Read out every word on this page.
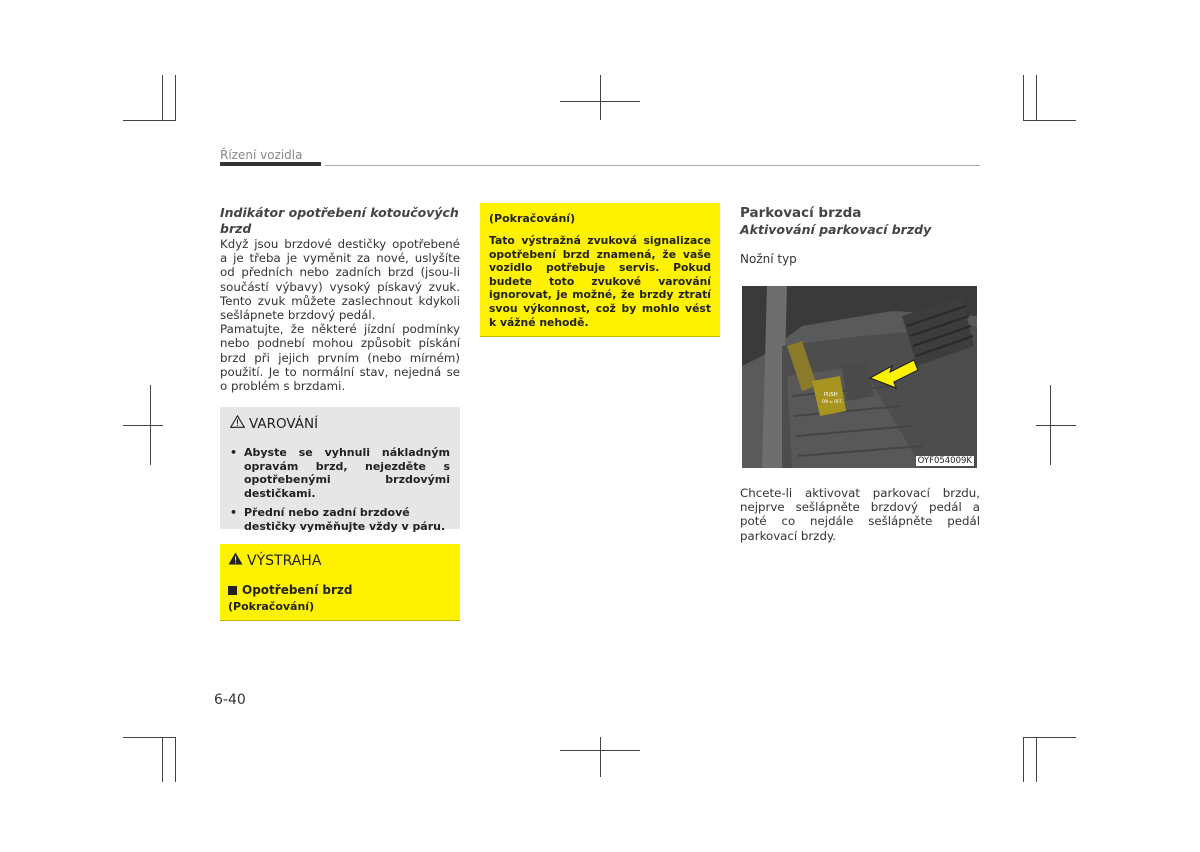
Řízení vozidla
Indikátor opotřebení kotoučových brzd

Když jsou brzdové destičky opotřebené a je třeba je vyměnit za nové, uslyšíte od předních nebo zadních brzd (jsou-li součástí výbavy) vysoký pískavý zvuk. Tento zvuk můžete zaslechnout kdykoli sešlápnete brzdový pedál.

Pamatujte, že některé jízdní podmínky nebo podnebí mohou způsobit pískání brzd při jejich prvním (nebo mírném) použití. Je to normální stav, nejedná se o problém s brzdami.

VAROVÁNÍ
• Abyste se vyhnuli nákladným opravám brzd, nejezděte s opotřebenými brzdovými destičkami.
• Přední nebo zadní brzdové destičky vyměňujte vždy v páru.
VÝSTRAHA
Opotřebení brzd
(Pokračování)
(Pokračování)
Tato výstražná zvuková signalizace opotřebení brzd znamená, že vaše vozidlo potřebuje servis. Pokud budete toto zvukové varování ignorovat, je možné, že brzdy ztratí svou výkonnost, což by mohlo vést k vážné nehodě.
Parkovací brzda
Aktivování parkovací brzdy
Nožní typ
PUSH
ON ⇔ OFF
OYF054009K

Chcete-li aktivovat parkovací brzdu, nejprve sešlápněte brzdový pedál a poté co nejdále sešlápněte pedál parkovací brzdy.

6-40
